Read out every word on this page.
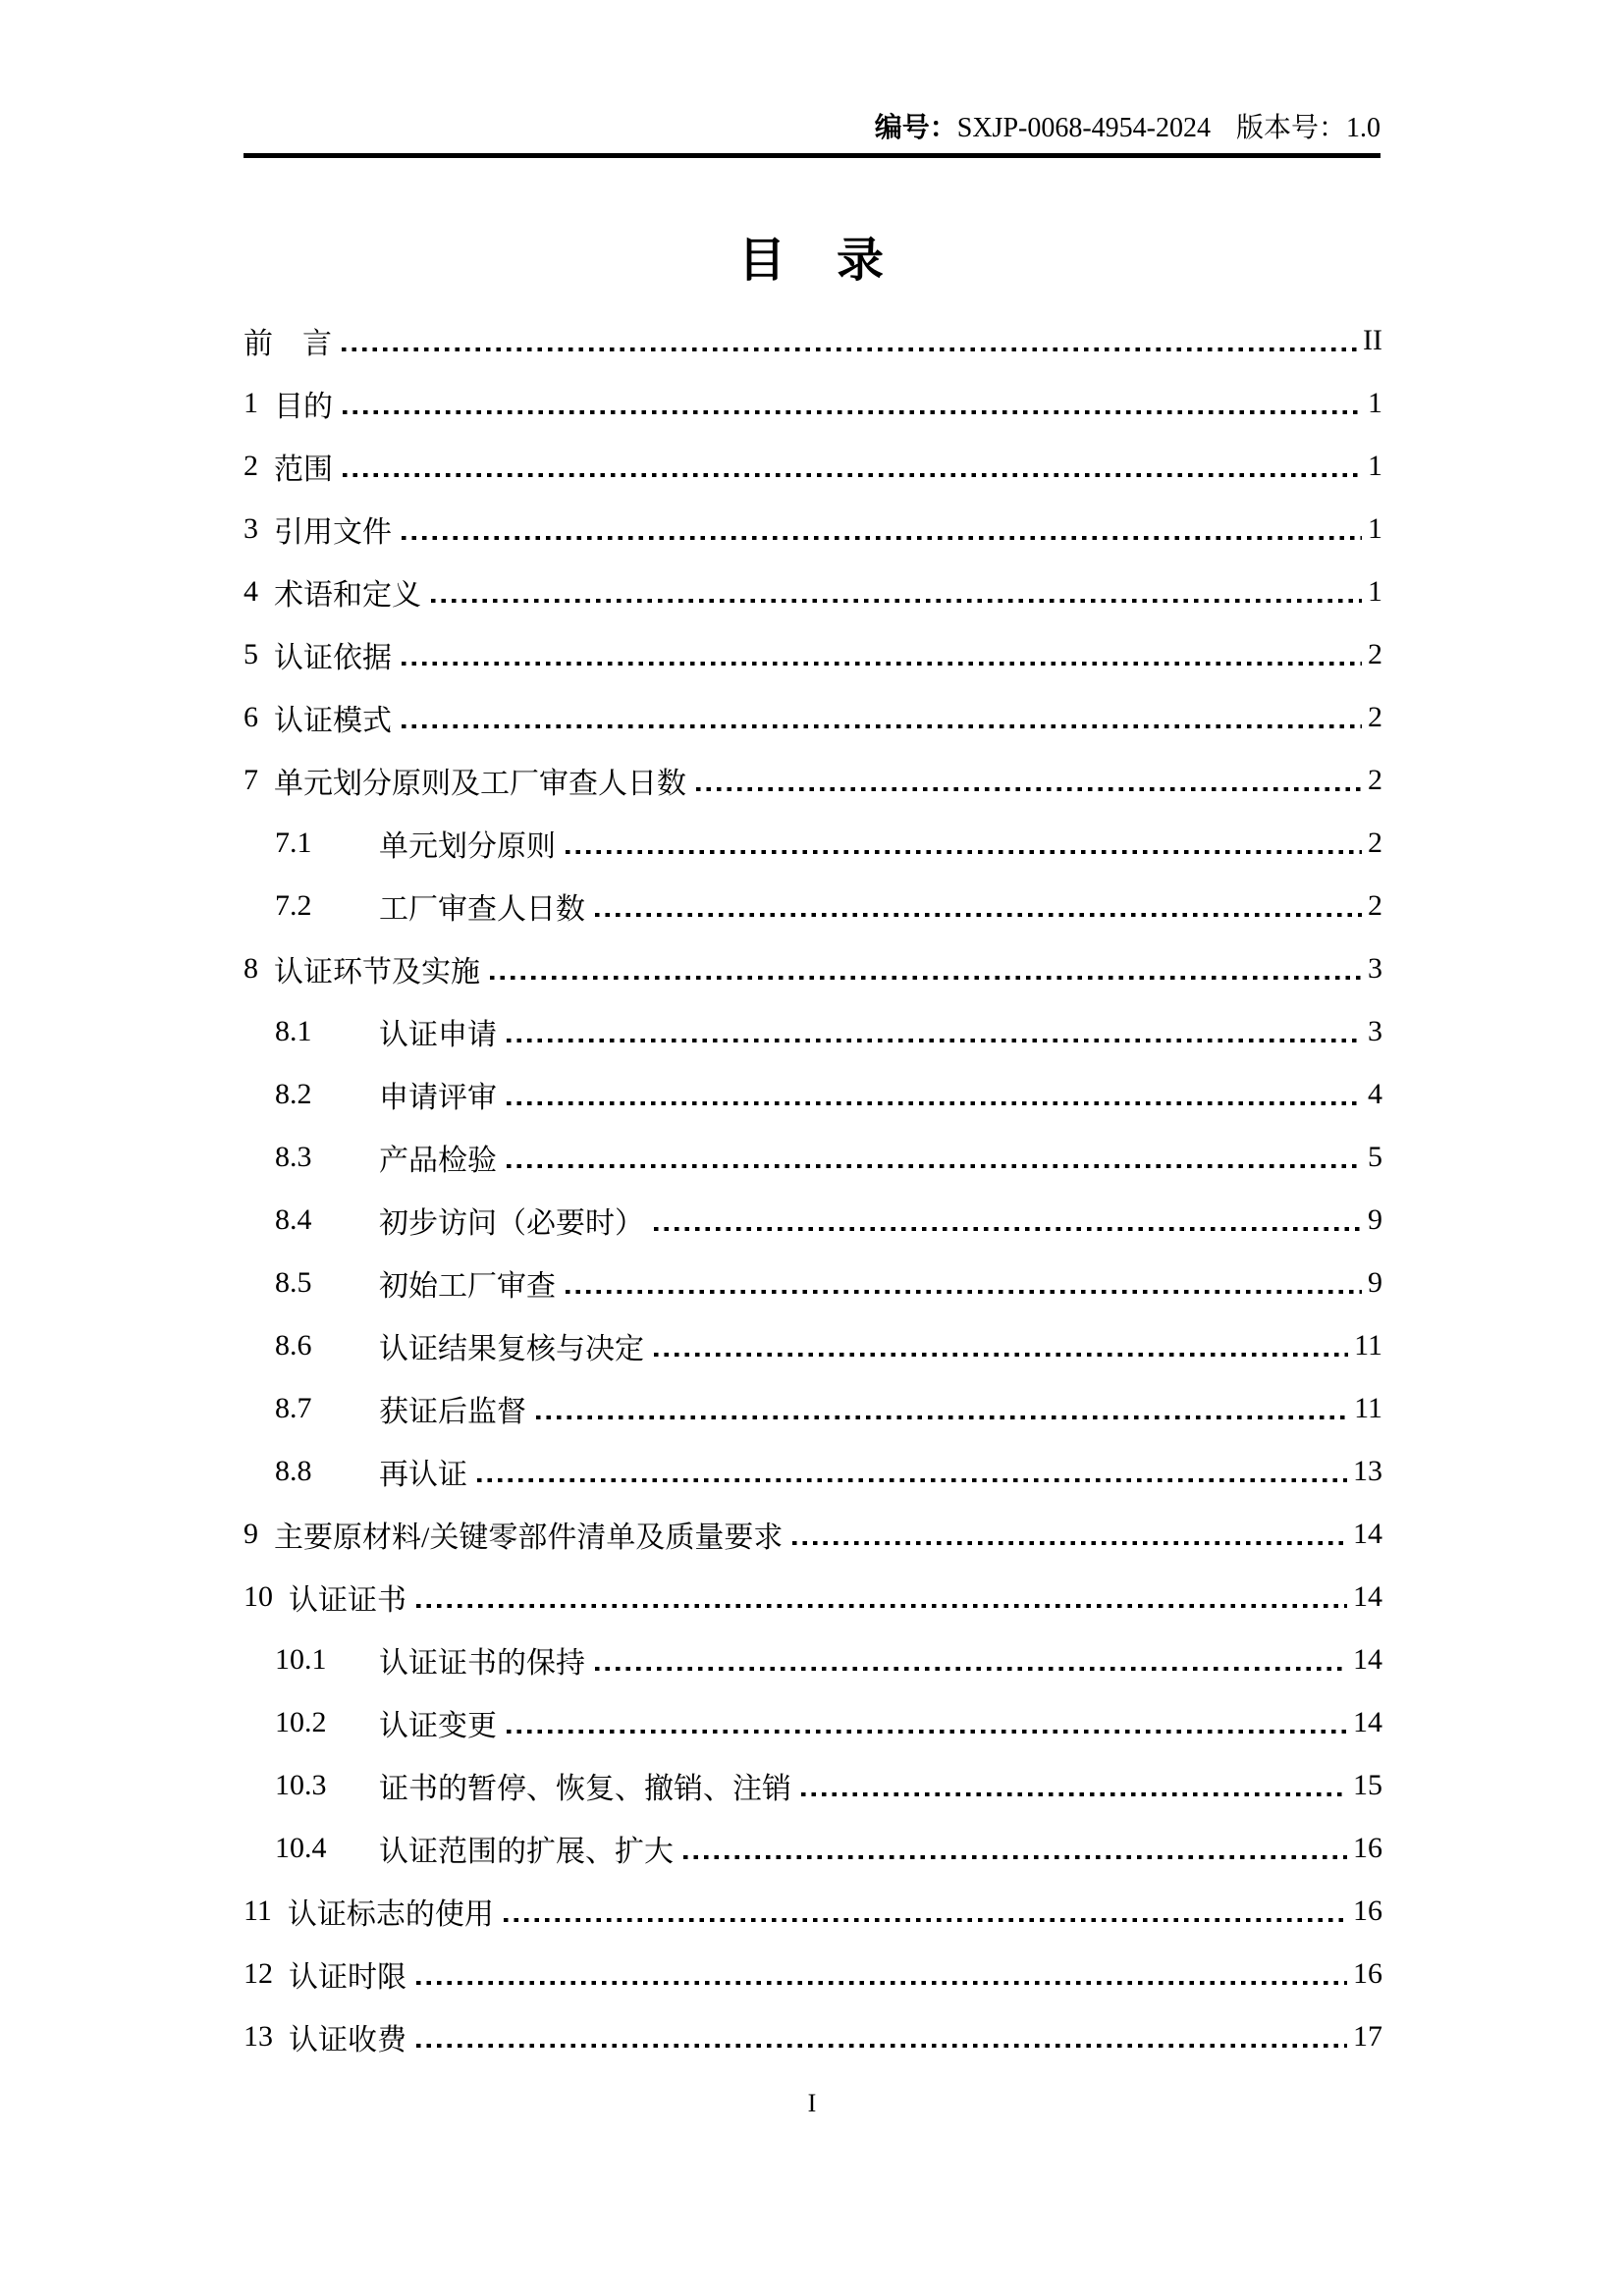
编号：SXJP-0068-4954-2024 版本号：1.0
目　录
前　言	II
1 目的	1
2 范围	1
3 引用文件	1
4 术语和定义	1
5 认证依据	2
6 认证模式	2
7 单元划分原则及工厂审查人日数	2
7.1	单元划分原则	2
7.2	工厂审查人日数	2
8 认证环节及实施	3
8.1	认证申请	3
8.2	申请评审	4
8.3	产品检验	5
8.4	初步访问（必要时）	9
8.5	初始工厂审查	9
8.6	认证结果复核与决定	11
8.7	获证后监督	11
8.8	再认证	13
9 主要原材料/关键零部件清单及质量要求	14
10 认证证书	14
10.1	认证证书的保持	14
10.2	认证变更	14
10.3	证书的暂停、恢复、撤销、注销	15
10.4	认证范围的扩展、扩大	16
11 认证标志的使用	16
12 认证时限	16
13 认证收费	17
I
